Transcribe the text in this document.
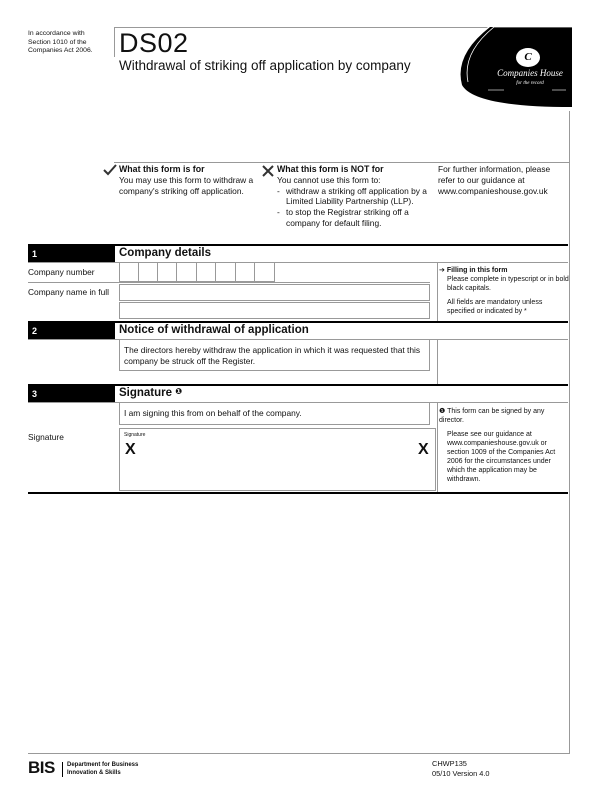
In accordance with Section 1010 of the Companies Act 2006. DS02
Withdrawal of striking off application by company
C
Companies House
for the record
What this form is for
You may use this form to withdraw a company's striking off application.
What this form is NOT for
You cannot use this form to:
- withdraw a striking off application by a Limited Liability Partnership (LLP).
- to stop the Registrar striking off a company for default filing.
For further information, please refer to our guidance at www.companieshouse.gov.uk
1	Company details
Company number
Company name in full
➔ Filling in this form
Please complete in typescript or in bold black capitals.
All fields are mandatory unless specified or indicated by *
2	Notice of withdrawal of application
The directors hereby withdraw the application in which it was requested that this company be struck off the Register.
3	Signature $^❶$
I am signing this from on behalf of the company.
Signature	Signature
X	X
❶ This form can be signed by any director.
Please see our guidance at www.companieshouse.gov.uk or section 1009 of the Companies Act 2006 for the circumstances under which the application may be withdrawn.
BIS Department for Business
Innovation & Skills
CHWP135
05/10 Version 4.0
